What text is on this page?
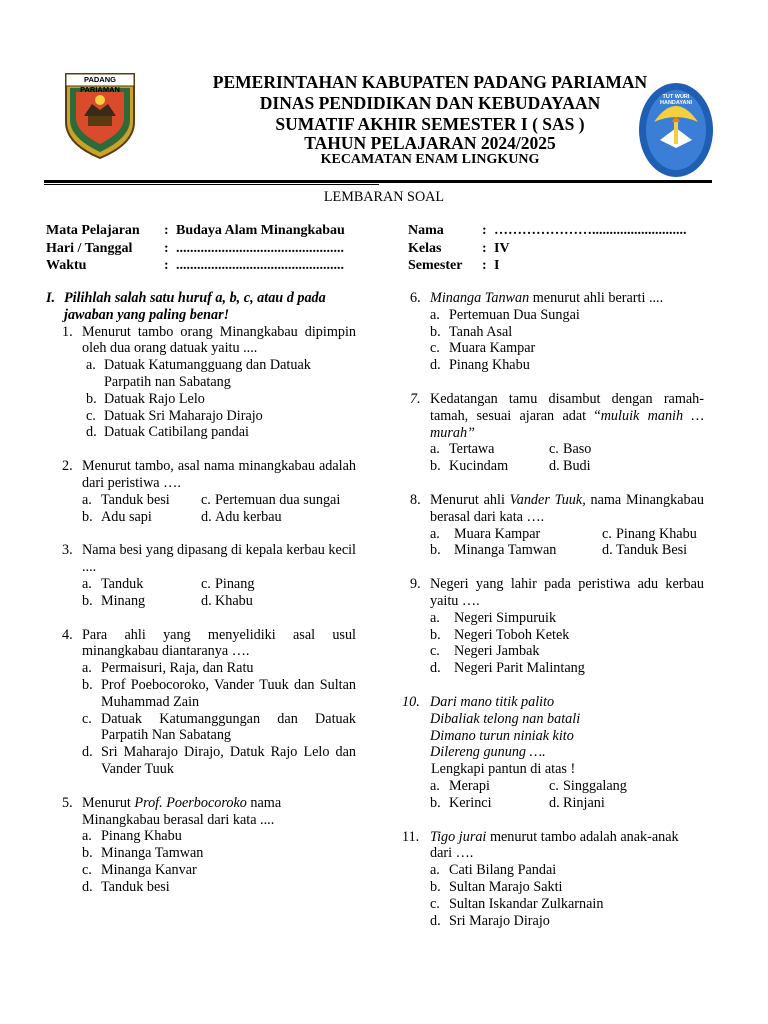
PADANG PARIAMAN
TUT WURI HANDAYANI
PEMERINTAHAN KABUPATEN PADANG PARIAMAN
DINAS PENDIDIKAN DAN KEBUDAYAAN
SUMATIF AKHIR SEMESTER I ( SAS )
TAHUN PELAJARAN 2024/2025
KECAMATAN ENAM LINGKUNG
LEMBARAN SOAL
Mata Pelajaran : Budaya Alam Minangkabau
Hari / Tanggal : ................................................
Waktu	: ................................................
Nama	: …………………...........................
Kelas	: IV
Semester : I
I. Pilihlah salah satu huruf a, b, c, atau d pada
jawaban yang paling benar!
1. Menurut tambo orang Minangkabau dipimpin oleh dua orang datuak yaitu ....
a. Datuak Katumangguang dan Datuak Parpatih nan Sabatang
b. Datuak Rajo Lelo
c. Datuak Sri Maharajo Dirajo
d. Datuak Catibilang pandai
2. Menurut tambo, asal nama minangkabau adalah dari peristiwa ….
a. Tanduk besi	c. Pertemuan dua sungai
b. Adu sapi	d. Adu kerbau
3. Nama besi yang dipasang di kepala kerbau kecil ....
a. Tanduk	c. Pinang
b. Minang	d. Khabu
4. Para ahli yang menyelidiki asal usul minangkabau diantaranya ….
a. Permaisuri, Raja, dan Ratu
b. Prof Poebocoroko, Vander Tuuk dan Sultan Muhammad Zain
c. Datuak Katumanggungan dan Datuak Parpatih Nan Sabatang
d. Sri Maharajo Dirajo, Datuk Rajo Lelo dan Vander Tuuk
5. Menurut Prof. Poerbocoroko nama Minangkabau berasal dari kata ....
a. Pinang Khabu
b. Minanga Tamwan
c. Minanga Kanvar
d. Tanduk besi
6. Minanga Tanwan menurut ahli berarti ....
a. Pertemuan Dua Sungai
b. Tanah Asal
c. Muara Kampar
d. Pinang Khabu
7. Kedatangan tamu disambut dengan ramah-tamah, sesuai ajaran adat “muluik manih … murah”
a. Tertawa	c. Baso
b. Kucindam	d. Budi
8. Menurut ahli Vander Tuuk, nama Minangkabau berasal dari kata ….
a. Muara Kampar	c. Pinang Khabu
b. Minanga Tamwan	d. Tanduk Besi
9. Negeri yang lahir pada peristiwa adu kerbau yaitu ….
a. Negeri Simpuruik
b. Negeri Toboh Ketek
c. Negeri Jambak
d. Negeri Parit Malintang
10. Dari mano titik palito
Dibaliak telong nan batali
Dimano turun niniak kito
Dilereng gunung ….
Lengkapi pantun di atas !
a. Merapi	c. Singgalang
b. Kerinci	d. Rinjani
11. Tigo jurai menurut tambo adalah anak-anak dari ….
a. Cati Bilang Pandai
b. Sultan Marajo Sakti
c. Sultan Iskandar Zulkarnain
d. Sri Marajo Dirajo
